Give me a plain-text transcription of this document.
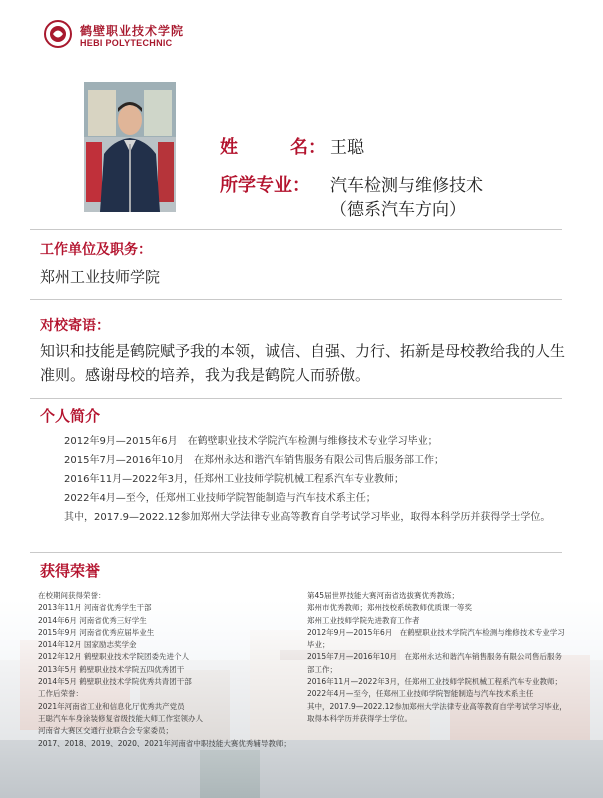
鹤壁职业技术学院
HEBI POLYTECHNIC
姓	名： 王聪
所学专业： 汽车检测与维修技术
（德系汽车方向）
工作单位及职务：
郑州工业技师学院
对校寄语：
知识和技能是鹤院赋予我的本领，诚信、自强、力行、拓新是母校教给我的人生准则。感谢母校的培养，我为我是鹤院人而骄傲。
个人简介

2012年9月—2015年6月　在鹤壁职业技术学院汽车检测与维修技术专业学习毕业；

2015年7月—2016年10月　在郑州永达和谐汽车销售服务有限公司售后服务部工作；

2016年11月—2022年3月，任郑州工业技师学院机械工程系汽车专业教师；

2022年4月—至今，任郑州工业技师学院智能制造与汽车技术系主任；

其中，2017.9—2022.12参加郑州大学法律专业高等教育自学考试学习毕业，取得本科学历并获得学士学位。

获得荣誉
在校期间获得荣誉：
2013年11月 河南省优秀学生干部
2014年6月 河南省优秀三好学生
2015年9月 河南省优秀应届毕业生
2014年12月 国家励志奖学金
2012年12月 鹤壁职业技术学院团委先进个人
2013年5月 鹤壁职业技术学院五四优秀团干
2014年5月 鹤壁职业技术学院优秀共青团干部
工作后荣誉：
2021年河南省工业和信息化厅优秀共产党员
王聪汽车车身涂装修复省级技能大师工作室领办人
河南省大赛区交通行业联合会专家委员；
2017、2018、2019、2020、2021年河南省中职技能大赛优秀辅导教师；
第45届世界技能大赛河南省选拔赛优秀教练；
郑州市优秀教师；郑州技校系统教师优质课一等奖
郑州工业技师学院先进教育工作者
2012年9月—2015年6月　在鹤壁职业技术学院汽车检测与维修技术专业学习毕业；
2015年7月—2016年10月　在郑州永达和谐汽车销售服务有限公司售后服务部工作；
2016年11月—2022年3月，任郑州工业技师学院机械工程系汽车专业教师；
2022年4月—至今，任郑州工业技师学院智能制造与汽车技术系主任
其中，2017.9—2022.12参加郑州大学法律专业高等教育自学考试学习毕业，取得本科学历并获得学士学位。
